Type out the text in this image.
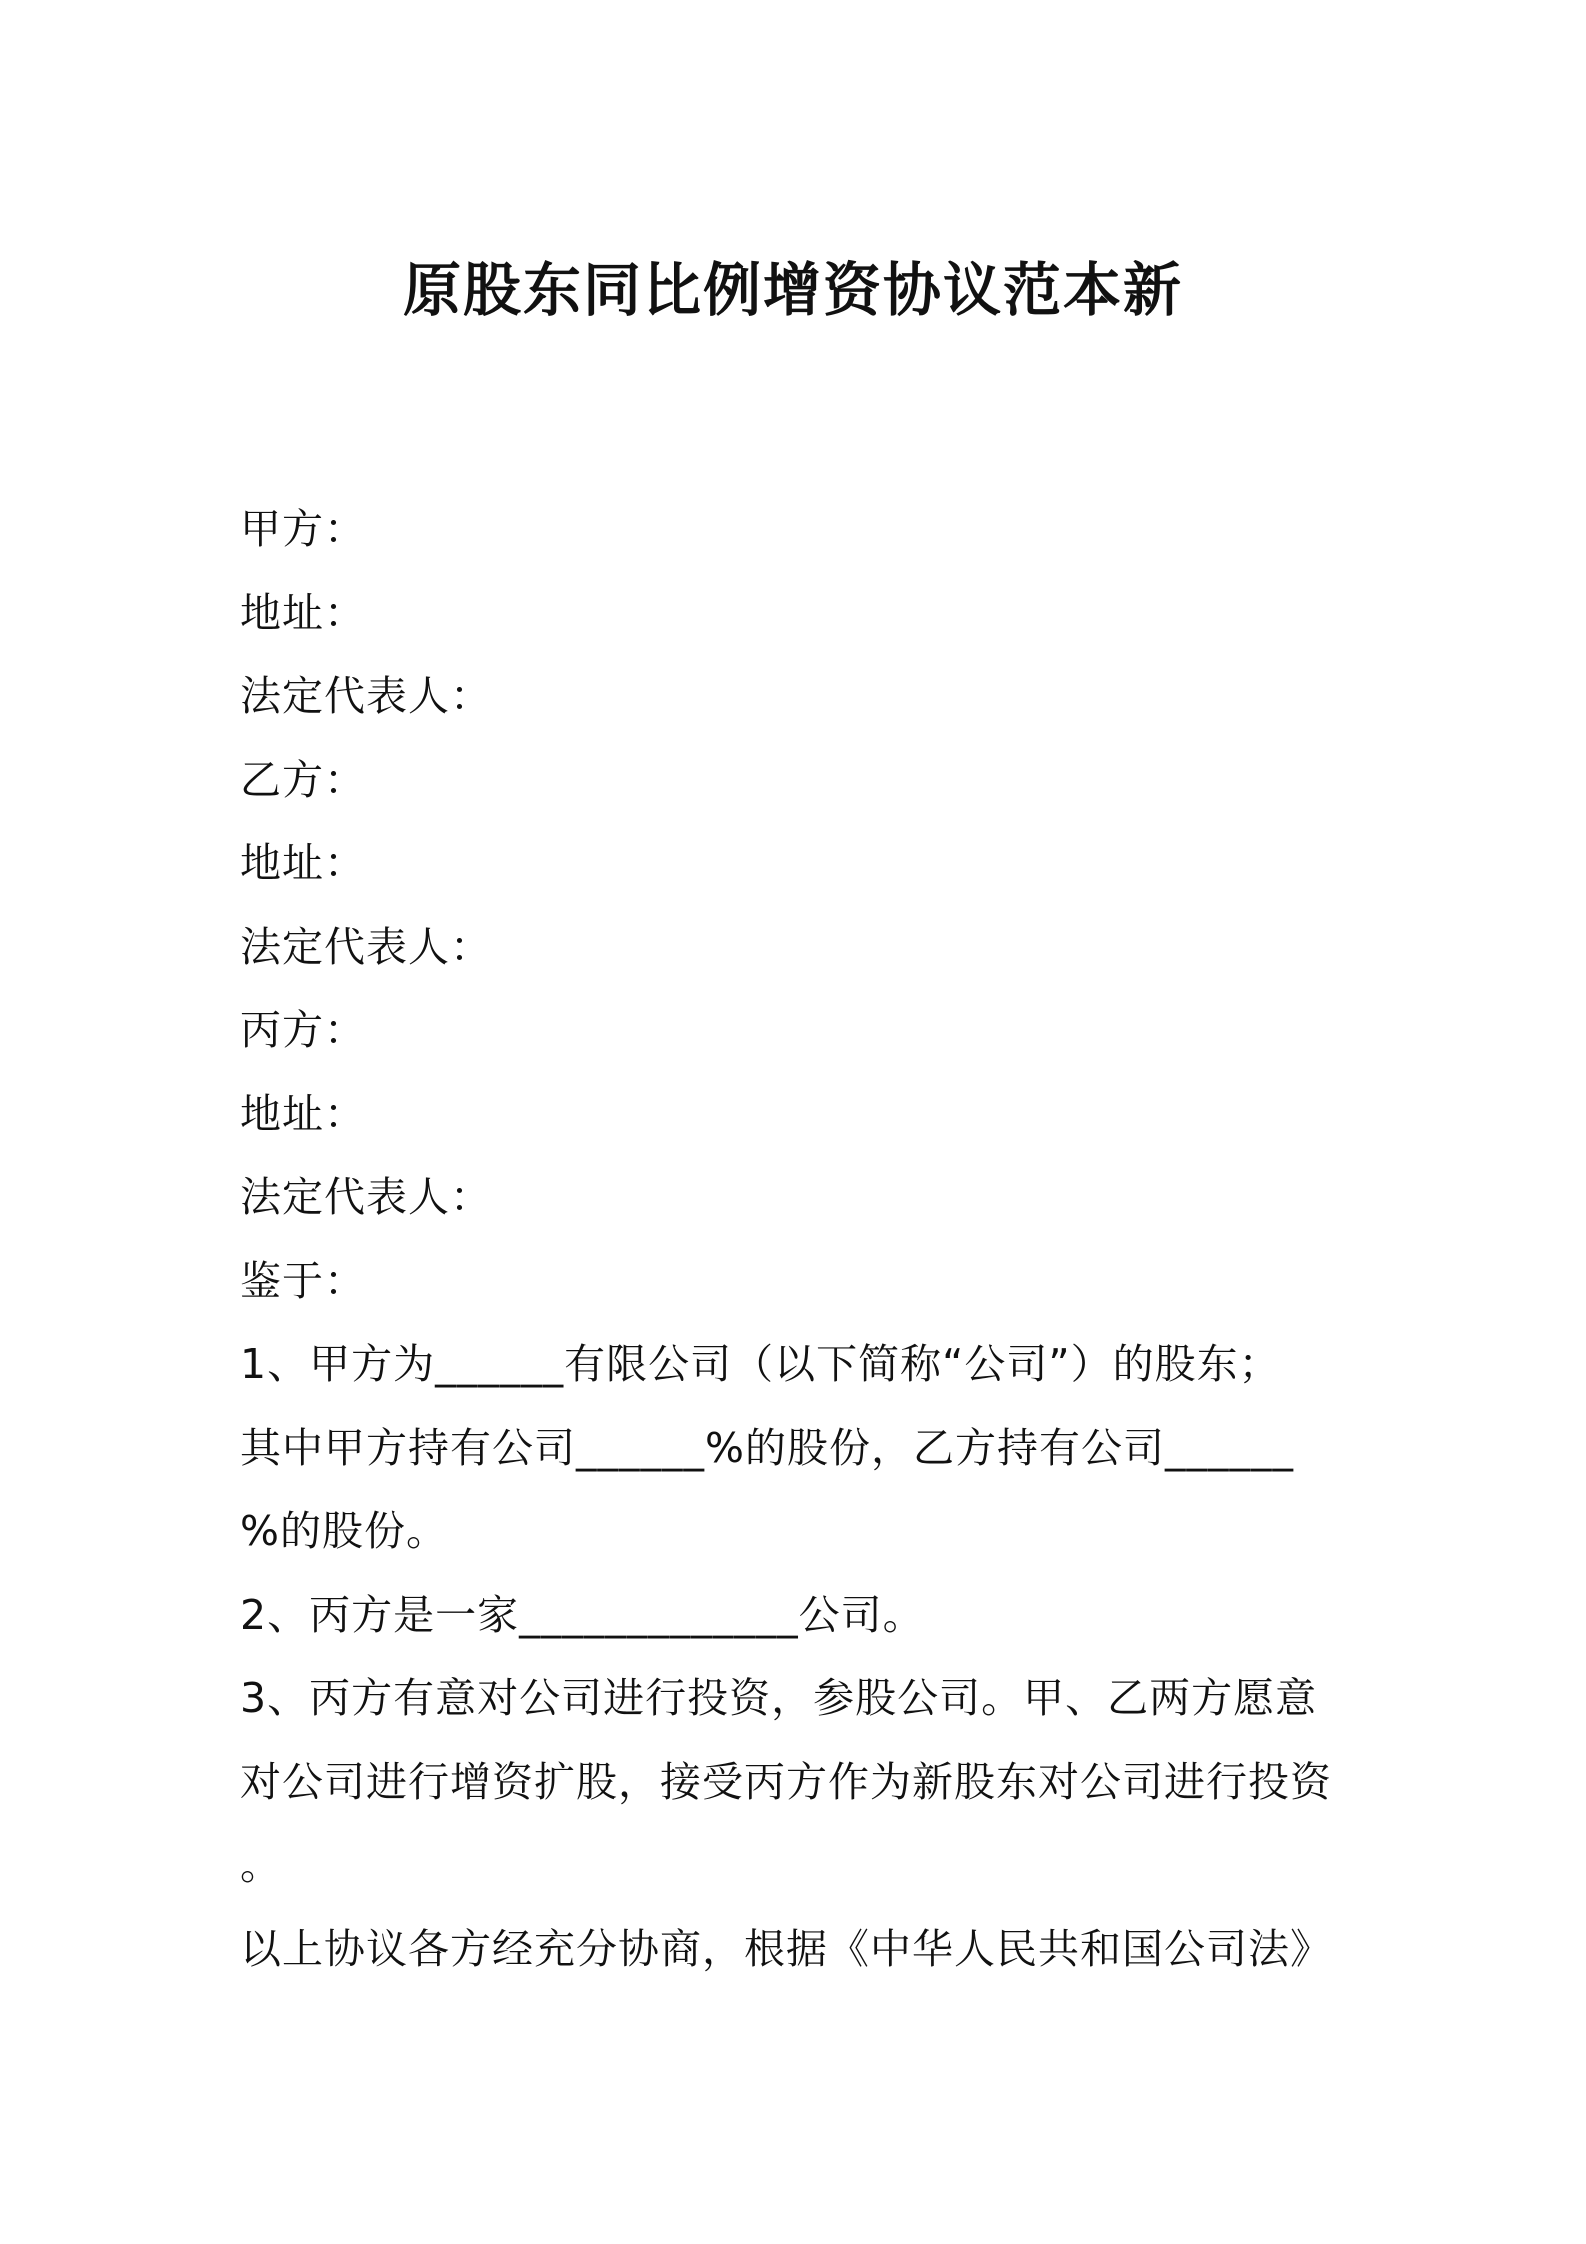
原股东同比例增资协议范本新
甲方：
地址：
法定代表人：
乙方：
地址：
法定代表人：
丙方：
地址：
法定代表人：
鉴于：
1、甲方为______有限公司（以下简称“公司”）的股东；
其中甲方持有公司______%的股份，乙方持有公司______
%的股份。
2、丙方是一家_____________公司。
3、丙方有意对公司进行投资，参股公司。甲、乙两方愿意
对公司进行增资扩股，接受丙方作为新股东对公司进行投资
。
以上协议各方经充分协商，根据《中华人民共和国公司法》
